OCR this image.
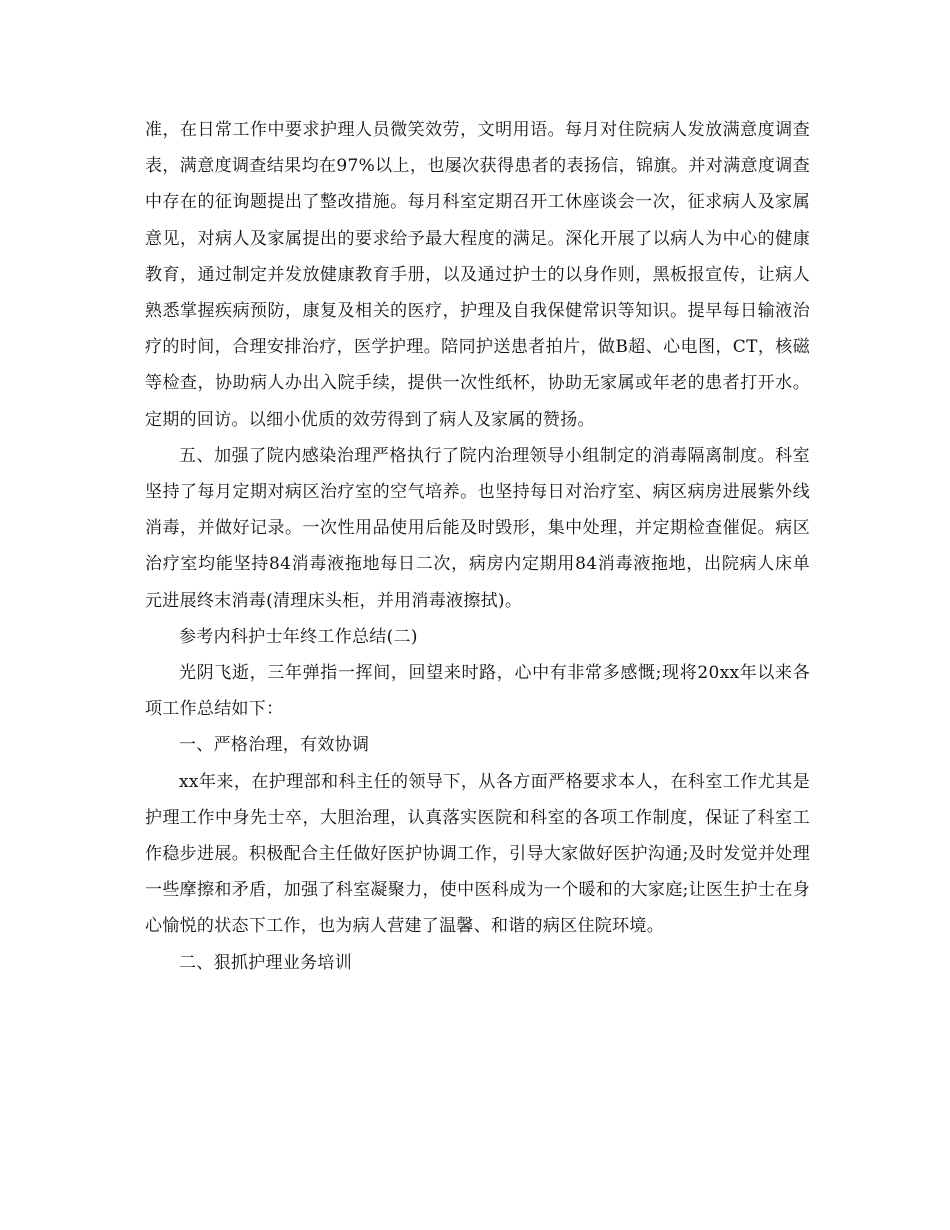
准，在日常工作中要求护理人员微笑效劳，文明用语。每月对住院病人发放满意度调查表，满意度调查结果均在97%以上，也屡次获得患者的表扬信，锦旗。并对满意度调查中存在的征询题提出了整改措施。每月科室定期召开工休座谈会一次，征求病人及家属意见，对病人及家属提出的要求给予最大程度的满足。深化开展了以病人为中心的健康教育，通过制定并发放健康教育手册，以及通过护士的以身作则，黑板报宣传，让病人熟悉掌握疾病预防，康复及相关的医疗，护理及自我保健常识等知识。提早每日输液治疗的时间，合理安排治疗，医学护理。陪同护送患者拍片，做B超、心电图，CT，核磁等检查，协助病人办出入院手续，提供一次性纸杯，协助无家属或年老的患者打开水。定期的回访。以细小优质的效劳得到了病人及家属的赞扬。

五、加强了院内感染治理严格执行了院内治理领导小组制定的消毒隔离制度。科室坚持了每月定期对病区治疗室的空气培养。也坚持每日对治疗室、病区病房进展紫外线消毒，并做好记录。一次性用品使用后能及时毁形，集中处理，并定期检查催促。病区治疗室均能坚持84消毒液拖地每日二次，病房内定期用84消毒液拖地，出院病人床单元进展终末消毒(清理床头柜，并用消毒液擦拭)。

参考内科护士年终工作总结(二)

光阴飞逝，三年弹指一挥间，回望来时路，心中有非常多感慨;现将20xx年以来各项工作总结如下：

一、严格治理，有效协调

xx年来，在护理部和科主任的领导下，从各方面严格要求本人，在科室工作尤其是护理工作中身先士卒，大胆治理，认真落实医院和科室的各项工作制度，保证了科室工作稳步进展。积极配合主任做好医护协调工作，引导大家做好医护沟通;及时发觉并处理一些摩擦和矛盾，加强了科室凝聚力，使中医科成为一个暖和的大家庭;让医生护士在身心愉悦的状态下工作，也为病人营建了温馨、和谐的病区住院环境。

二、狠抓护理业务培训
